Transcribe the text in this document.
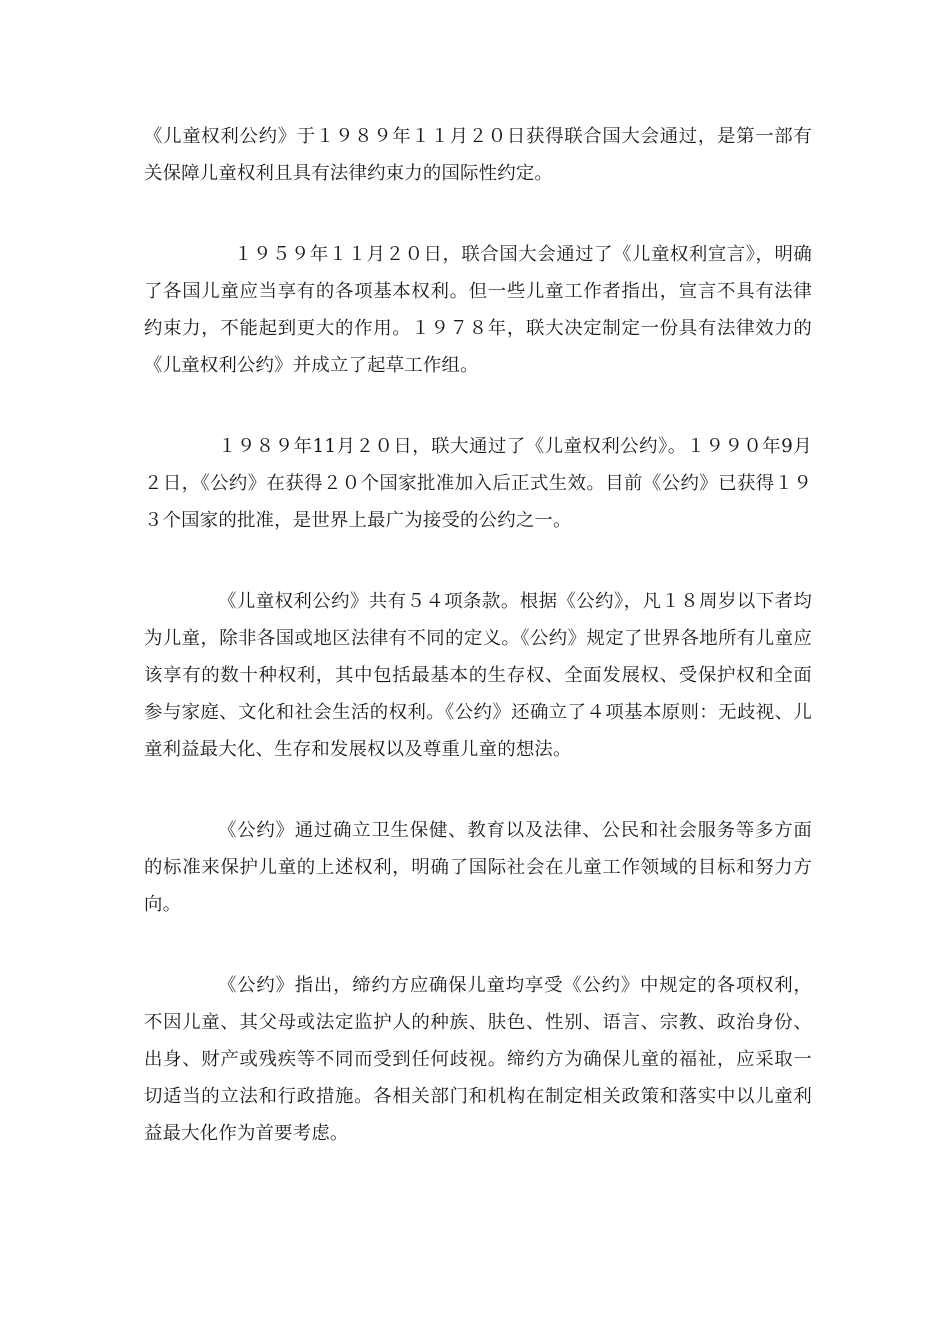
《儿童权利公约》于１９８９年１１月２０日获得联合国大会通过，是第一部有关保障儿童权利且具有法律约束力的国际性约定。

１９５９年１１月２０日，联合国大会通过了《儿童权利宣言》，明确了各国儿童应当享有的各项基本权利。但一些儿童工作者指出，宣言不具有法律约束力，不能起到更大的作用。１９７８年，联大决定制定一份具有法律效力的《儿童权利公约》并成立了起草工作组。

１９８９年11月２０日，联大通过了《儿童权利公约》。１９９０年9月２日，《公约》在获得２０个国家批准加入后正式生效。目前《公约》已获得１９３个国家的批准，是世界上最广为接受的公约之一。

《儿童权利公约》共有５４项条款。根据《公约》，凡１８周岁以下者均为儿童，除非各国或地区法律有不同的定义。《公约》规定了世界各地所有儿童应该享有的数十种权利，其中包括最基本的生存权、全面发展权、受保护权和全面参与家庭、文化和社会生活的权利。《公约》还确立了４项基本原则：无歧视、儿童利益最大化、生存和发展权以及尊重儿童的想法。

《公约》通过确立卫生保健、教育以及法律、公民和社会服务等多方面的标准来保护儿童的上述权利，明确了国际社会在儿童工作领域的目标和努力方向。

《公约》指出，缔约方应确保儿童均享受《公约》中规定的各项权利，不因儿童、其父母或法定监护人的种族、肤色、性别、语言、宗教、政治身份、出身、财产或残疾等不同而受到任何歧视。缔约方为确保儿童的福祉，应采取一切适当的立法和行政措施。各相关部门和机构在制定相关政策和落实中以儿童利益最大化作为首要考虑。
